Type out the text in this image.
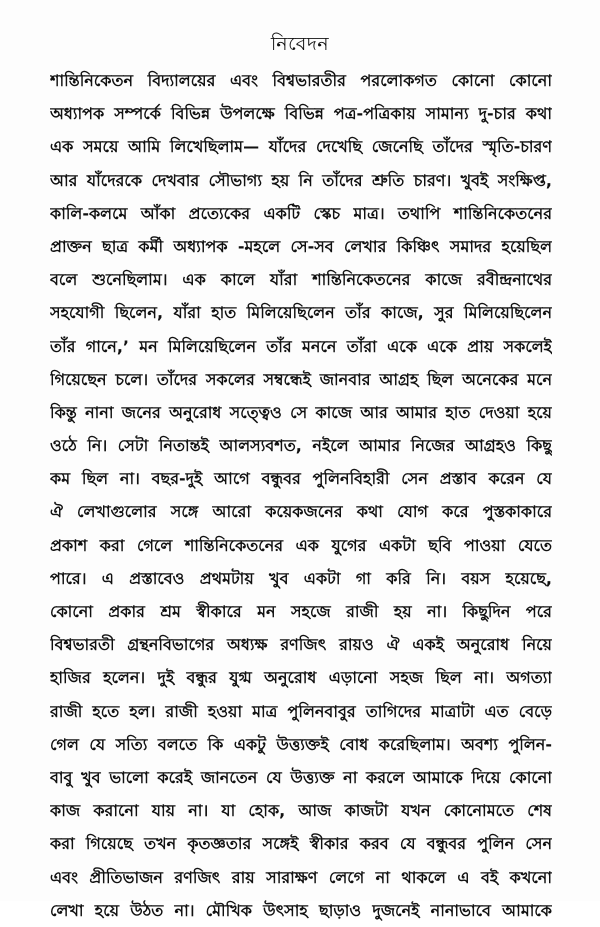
নিবেদন
শান্তিনিকেতন বিদ্যালয়ের এবং বিশ্বভারতীর পরলোকগত কোনো কোনো
অধ্যাপক সম্পর্কে বিভিন্ন উপলক্ষে বিভিন্ন পত্র-পত্রিকায় সামান্য দু-চার কথা
এক সময়ে আমি লিখেছিলাম— যাঁদের দেখেছি জেনেছি তাঁদের স্মৃতি-চারণ
আর যাঁদেরকে দেখবার সৌভাগ্য হয় নি তাঁদের শ্রুতি চারণ। খুবই সংক্ষিপ্ত,
কালি-কলমে আঁকা প্রত্যেকের একটি স্কেচ মাত্র। তথাপি শান্তিনিকেতনের
প্রাক্তন ছাত্র কর্মী অধ্যাপক -মহলে সে-সব লেখার কিঞ্চিৎ সমাদর হয়েছিল
বলে শুনেছিলাম। এক কালে যাঁরা শান্তিনিকেতনের কাজে রবীন্দ্রনাথের
সহযোগী ছিলেন, যাঁরা হাত মিলিয়েছিলেন তাঁর কাজে, সুর মিলিয়েছিলেন
তাঁর গানে,’ মন মিলিয়েছিলেন তাঁর মননে তাঁরা একে একে প্রায় সকলেই
গিয়েছেন চলে। তাঁদের সকলের সম্বন্ধেই জানবার আগ্রহ ছিল অনেকের মনে
কিন্তু নানা জনের অনুরোধ সত্ত্বেও সে কাজে আর আমার হাত দেওয়া হয়ে
ওঠে নি। সেটা নিতান্তই আলস্যবশত, নইলে আমার নিজের আগ্রহও কিছু
কম ছিল না। বছর-দুই আগে বন্ধুবর পুলিনবিহারী সেন প্রস্তাব করেন যে
ঐ লেখাগুলোর সঙ্গে আরো কয়েকজনের কথা যোগ করে পুস্তকাকারে
প্রকাশ করা গেলে শান্তিনিকেতনের এক যুগের একটা ছবি পাওয়া যেতে
পারে। এ প্রস্তাবেও প্রথমটায় খুব একটা গা করি নি। বয়স হয়েছে,
কোনো প্রকার শ্রম স্বীকারে মন সহজে রাজী হয় না। কিছুদিন পরে
বিশ্বভারতী গ্রন্থনবিভাগের অধ্যক্ষ রণজিৎ রায়ও ঐ একই অনুরোধ নিয়ে
হাজির হলেন। দুই বন্ধুর যুগ্ম অনুরোধ এড়ানো সহজ ছিল না। অগত্যা
রাজী হতে হল। রাজী হওয়া মাত্র পুলিনবাবুর তাগিদের মাত্রাটা এত বেড়ে
গেল যে সত্যি বলতে কি একটু উত্ত্যক্তই বোধ করেছিলাম। অবশ্য পুলিন-
বাবু খুব ভালো করেই জানতেন যে উত্ত্যক্ত না করলে আমাকে দিয়ে কোনো
কাজ করানো যায় না। যা হোক, আজ কাজটা যখন কোনোমতে শেষ
করা গিয়েছে তখন কৃতজ্ঞতার সঙ্গেই স্বীকার করব যে বন্ধুবর পুলিন সেন
এবং প্রীতিভাজন রণজিৎ রায় সারাক্ষণ লেগে না থাকলে এ বই কখনো
লেখা হয়ে উঠত না। মৌখিক উৎসাহ ছাড়াও দুজনেই নানাভাবে আমাকে
